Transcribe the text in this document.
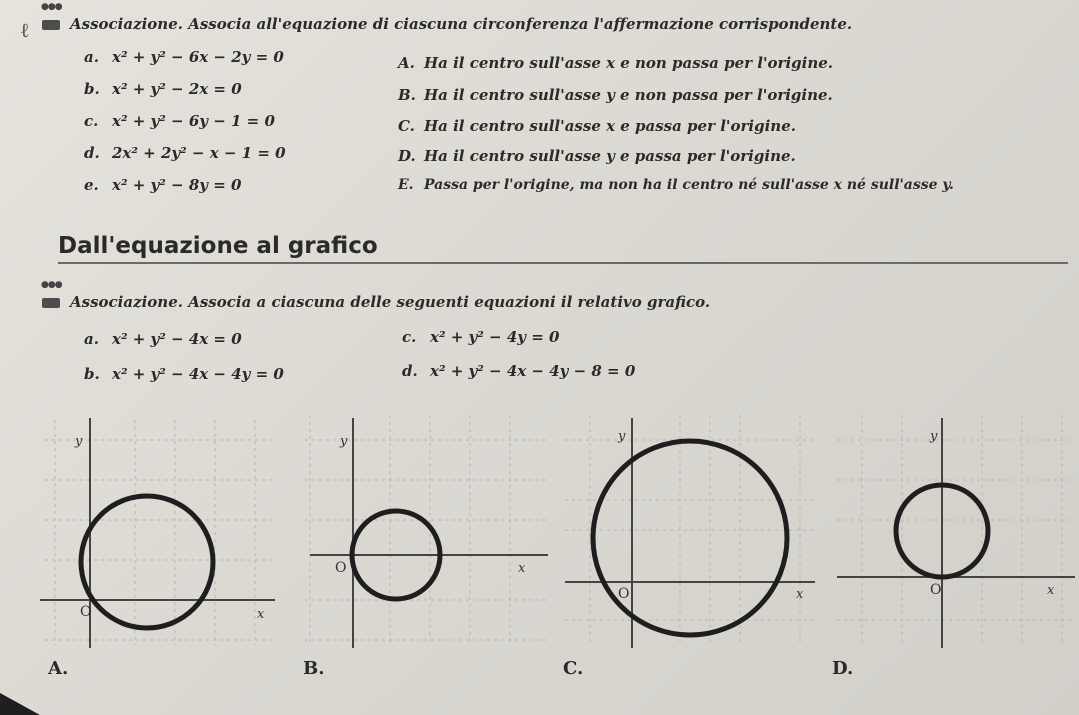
●●●
ℓ	Associazione. Associa all'equazione di ciascuna circonferenza l'affermazione corrispondente.
a. x² + y² − 6x − 2y = 0
b. x² + y² − 2x = 0
c. x² + y² − 6y − 1 = 0
d. 2x² + 2y² − x − 1 = 0
e. x² + y² − 8y = 0
A. Ha il centro sull'asse x e non passa per l'origine.
B. Ha il centro sull'asse y e non passa per l'origine.
C. Ha il centro sull'asse x e passa per l'origine.
D. Ha il centro sull'asse y e passa per l'origine.
E. Passa per l'origine, ma non ha il centro né sull'asse x né sull'asse y.
Dall'equazione al grafico
●●●
Associazione. Associa a ciascuna delle seguenti equazioni il relativo grafico.
a. x² + y² − 4x = 0
b. x² + y² − 4x − 4y = 0
c. x² + y² − 4y = 0
d. x² + y² − 4x − 4y − 8 = 0
y
x
O
A.
y
x
O
B.
y
x
O
C.
y
x
O
D.
